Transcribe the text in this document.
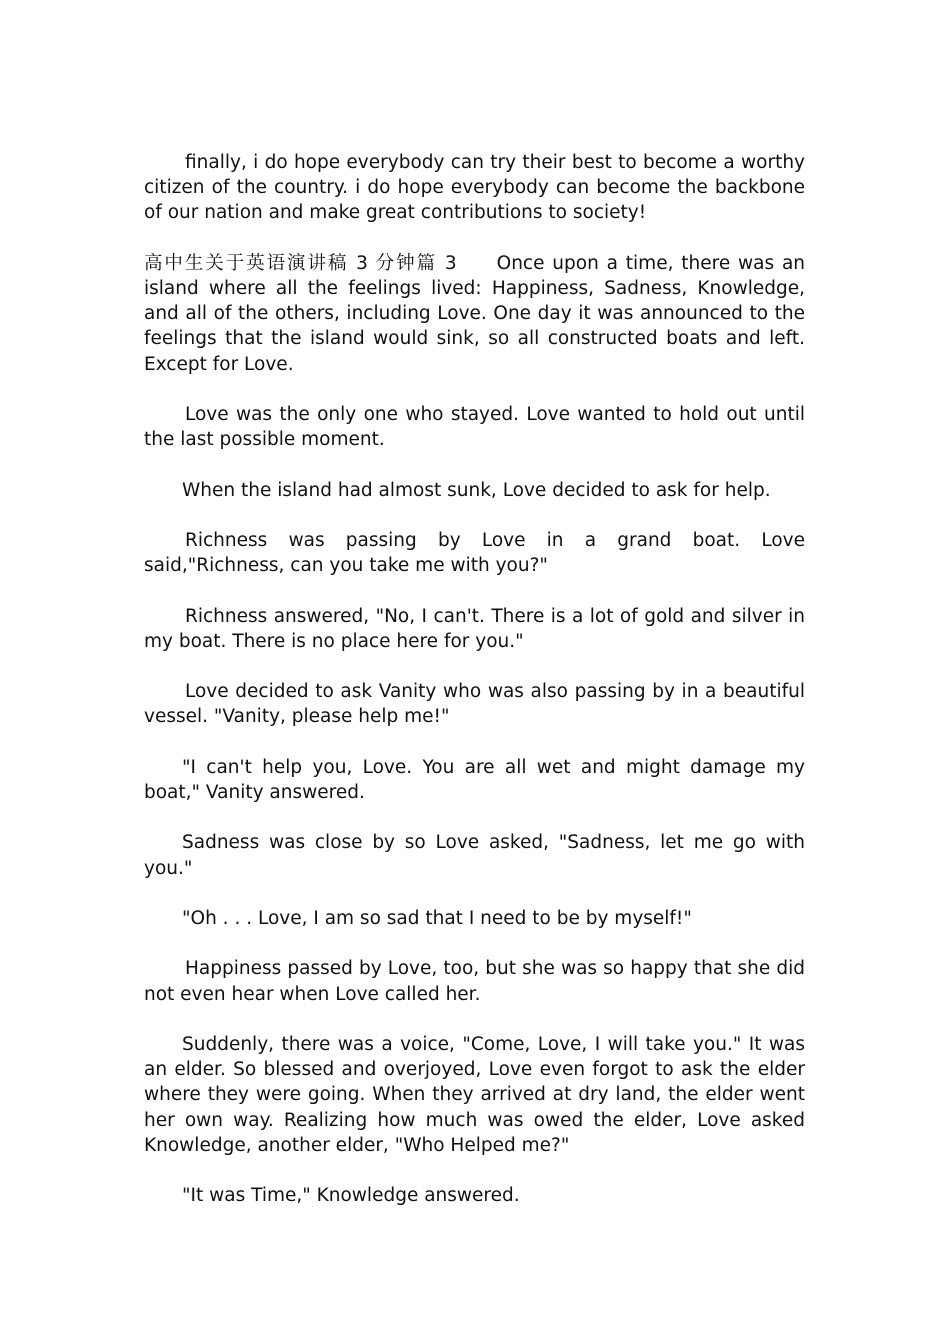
finally, i do hope everybody can try their best to become a worthy citizen of the country. i do hope everybody can become the backbone of our nation and make great contributions to society!

高中生关于英语演讲稿 3 分钟篇 3 Once upon a time, there was an island where all the feelings lived: Happiness, Sadness, Knowledge, and all of the others, including Love. One day it was announced to the feelings that the island would sink, so all constructed boats and left. Except for Love.

Love was the only one who stayed. Love wanted to hold out until the last possible moment.

When the island had almost sunk, Love decided to ask for help.

Richness was passing by Love in a grand boat. Love said,"Richness, can you take me with you?"

Richness answered, "No, I can't. There is a lot of gold and silver in my boat. There is no place here for you."

Love decided to ask Vanity who was also passing by in a beautiful vessel. "Vanity, please help me!"

"I can't help you, Love. You are all wet and might damage my boat," Vanity answered.

Sadness was close by so Love asked, "Sadness, let me go with you."

"Oh . . . Love, I am so sad that I need to be by myself!"

Happiness passed by Love, too, but she was so happy that she did not even hear when Love called her.

Suddenly, there was a voice, "Come, Love, I will take you." It was an elder. So blessed and overjoyed, Love even forgot to ask the elder where they were going. When they arrived at dry land, the elder went her own way. Realizing how much was owed the elder, Love asked Knowledge, another elder, "Who Helped me?"

"It was Time," Knowledge answered.
